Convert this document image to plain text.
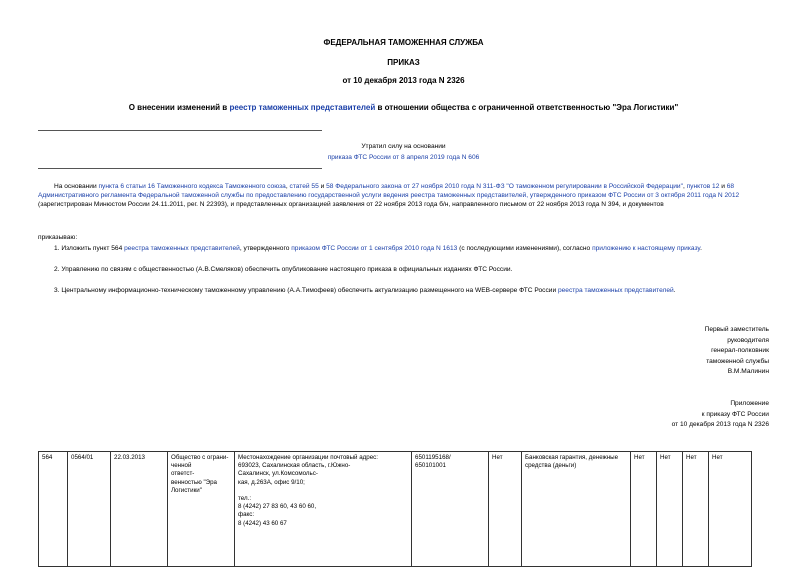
ФЕДЕРАЛЬНАЯ ТАМОЖЕННАЯ СЛУЖБА
ПРИКАЗ
от 10 декабря 2013 года N 2326
О внесении изменений в реестр таможенных представителей в отношении общества с ограниченной ответственностью "Эра Логистики"
Утратил силу на основании
приказа ФТС России от 8 апреля 2019 года N 606
На основании пункта 6 статьи 16 Таможенного кодекса Таможенного союза, статей 55 и 58 Федерального закона от 27 ноября 2010 года N 311-ФЗ "О таможенном регулировании в Российской Федерации", пунктов 12 и 68 Административного регламента Федеральной таможенной службы по предоставлению государственной услуги ведения реестра таможенных представителей, утвержденного приказом ФТС России от 3 октября 2011 года N 2012 (зарегистрирован Минюстом России 24.11.2011, рег. N 22393), и представленных организацией заявления от 22 ноября 2013 года б/н, направленного письмом от 22 ноября 2013 года N 394, и документов
приказываю:
1. Изложить пункт 564 реестра таможенных представителей, утвержденного приказом ФТС России от 1 сентября 2010 года N 1613 (с последующими изменениями), согласно приложению к настоящему приказу.
2. Управлению по связям с общественностью (А.В.Смеляков) обеспечить опубликование настоящего приказа в официальных изданиях ФТС России.
3. Центральному информационно-техническому таможенному управлению (А.А.Тимофеев) обеспечить актуализацию размещенного на WEB-сервере ФТС России реестра таможенных представителей.
Первый заместитель
руководителя
генерал-полковник
таможенной службы
В.М.Малинин
Приложение
к приказу ФТС России
от 10 декабря 2013 года N 2326
564	0564/01	22.03.2013	Общество с ограни-
ченной
ответст-
венностью "Эра
Логистики"	Местонахождение организации почтовый адрес:
693023, Сахалинская область, г.Южно-
Сахалинск, ул.Комсомольс-
кая, д.263А, офис 9/10;

тел.:
8 (4242) 27 83 60, 43 60 60,
факс:
8 (4242) 43 60 67	6501195168/
650101001	Нет	Банковская гарантия, денежные
средства (деньги)	Нет	Нет	Нет	Нет
